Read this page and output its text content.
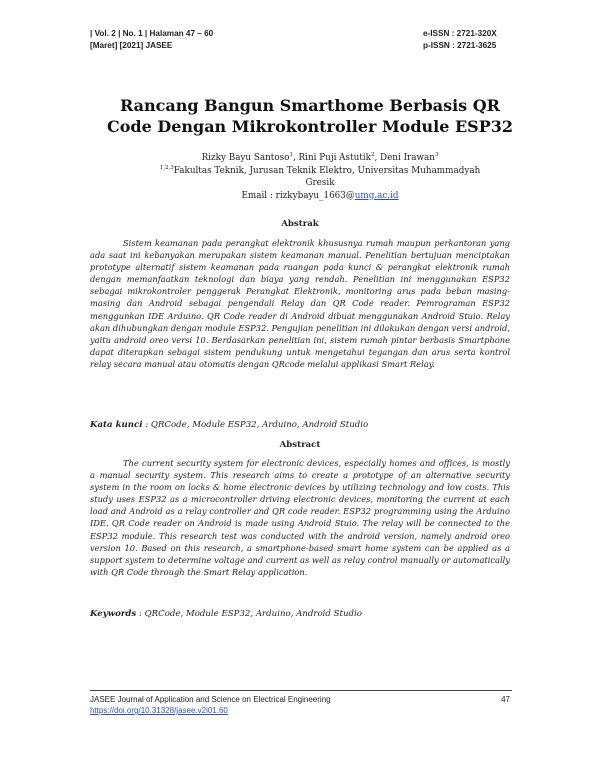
| Vol. 2 | No. 1 | Halaman 47 – 60
[Maret] [2021] JASEE
e-ISSN : 2721-320X
p-ISSN : 2721-3625
Rancang Bangun Smarthome Berbasis QR
Code Dengan Mikrokontroller Module ESP32
Rizky Bayu Santoso$^1$, Rini Puji Astutik$^2$, Deni Irawan$^3$
$^{1,2,3}$Fakultas Teknik, Jurusan Teknik Elektro, Universitas Muhammadyah
Gresik
Email : rizkybayu_1663@umg.ac.id
Abstrak

Sistem keamanan pada perangkat elektronik khususnya rumah maupun perkantoran yang ada saat ini kebanyakan merupakan sistem keamanan manual. Penelitian bertujuan menciptakan prototype alternatif sistem keamanan pada ruangan pada kunci & perangkat elektronik rumah dengan memanfaatkan teknologi dan biaya yang rendah. Penelitian ini menggunakan ESP32 sebagai mikrokontroler penggerak Perangkat Elektronik, monitoring arus pada beban masing-masing dan Android sebagai pengendali Relay dan QR Code reader. Pemrograman ESP32 menggunkan IDE Arduino. QR Code reader di Android dibuat menggunakan Android Stuio. Relay akan dihubungkan dengan module ESP32. Pengujian penelitian ini dilakukan dengan versi android, yaitu android oreo versi 10. Berdasarkan penelitian ini, sistem rumah pintar berbasis Smartphone dapat diterapkan sebagai sistem pendukung untuk mengetahui tegangan dan arus serta kontrol relay secara manual atau otomatis dengan QRcode melalui applikasi Smart Relay.

Kata kunci : QRCode, Module ESP32, Arduino, Android Studio
Abstract

The current security system for electronic devices, especially homes and offices, is mostly a manual security system. This research aims to create a prototype of an alternative security system in the room on locks & home electronic devices by utilizing technology and low costs. This study uses ESP32 as a microcontroller driving electronic devices, monitoring the current at each load and Android as a relay controller and QR code reader. ESP32 programming using the Arduino IDE. QR Code reader on Android is made using Android Stuio. The relay will be connected to the ESP32 module. This research test was conducted with the android version, namely android oreo version 10. Based on this research, a smartphone-based smart home system can be applied as a support system to determine voltage and current as well as relay control manually or automatically with QR Code through the Smart Relay application.

Keywords : QRCode, Module ESP32, Arduino, Android Studio
JASEE Journal of Application and Science on Electrical Engineering
https://doi.org/10.31328/jasee.v2i01.60
47
